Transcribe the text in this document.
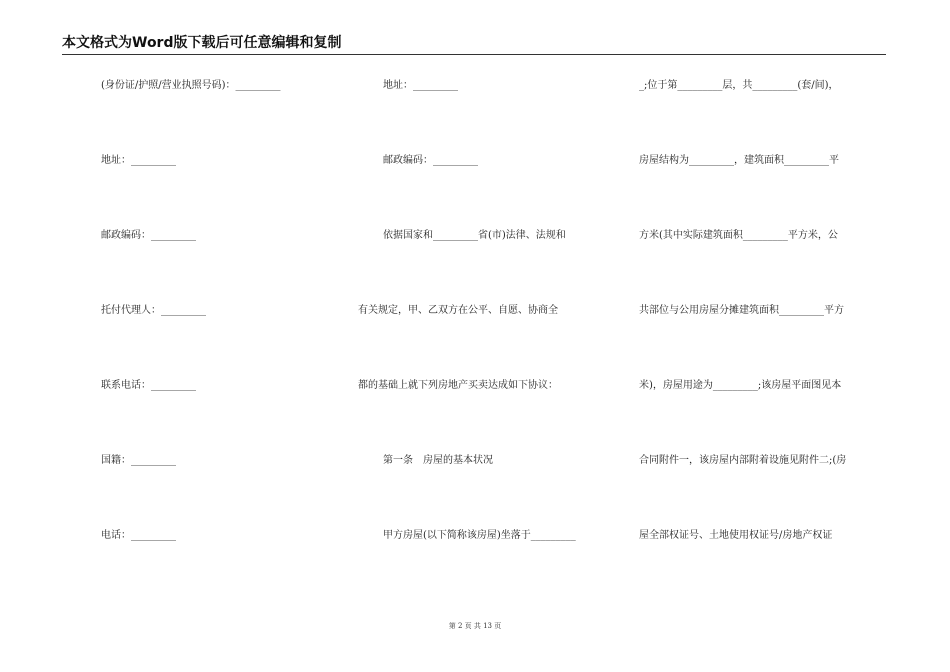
本文格式为Word版下载后可任意编辑和复制
(身份证/护照/营业执照号码)：_________
地址：_________
邮政编码：_________
托付代理人：_________
联系电话：_________
国籍：_________
电话：_________
地址：_________
邮政编码：_________
依据国家和_________省(市)法律、法规和
有关规定，甲、乙双方在公平、自愿、协商全
都的基础上就下列房地产买卖达成如下协议：
第一条　房屋的基本状况
甲方房屋(以下简称该房屋)坐落于_________
_;位于第_________层，共_________(套/间)，
房屋结构为_________，建筑面积_________平
方米(其中实际建筑面积_________平方米，公
共部位与公用房屋分摊建筑面积_________平方
米)，房屋用途为_________;该房屋平面图见本
合同附件一，该房屋内部附着设施见附件二;(房
屋全部权证号、土地使用权证号/房地产权证
第 2 页 共 13 页
